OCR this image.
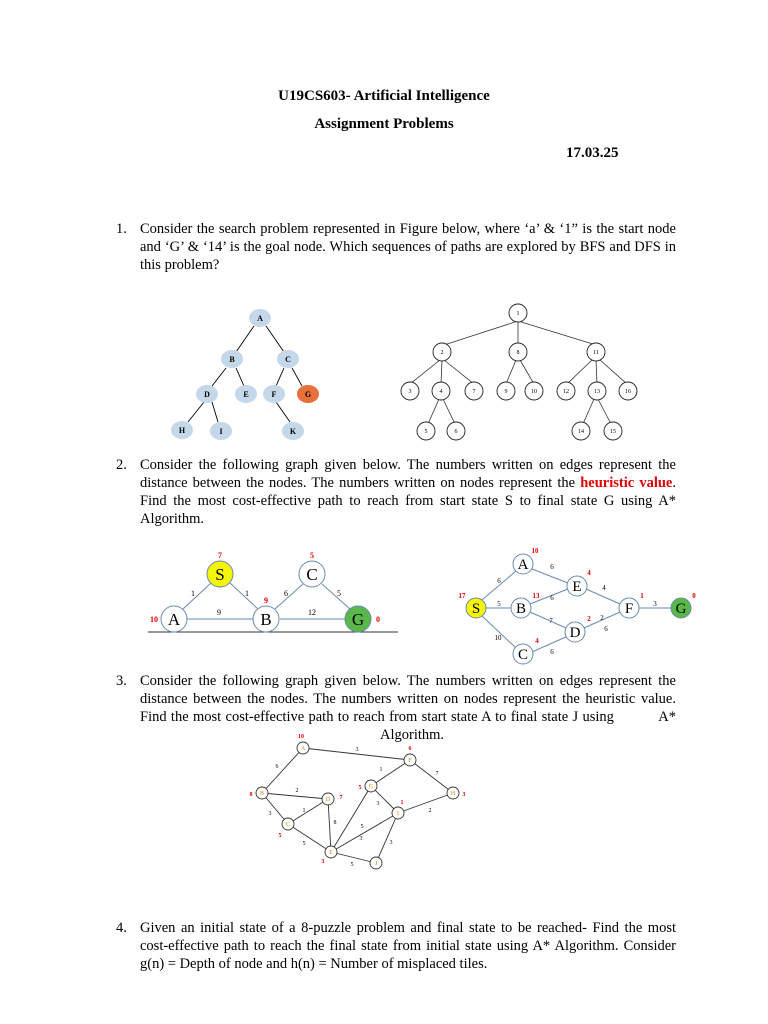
U19CS603- Artificial Intelligence
Assignment Problems
17.03.25
1. Consider the search problem represented in Figure below, where ‘a’ & ‘1” is the start node and ‘G’ & ‘14’ is the goal node. Which sequences of paths are explored by BFS and DFS in this problem?
A
B	C
D	E	F	G
H	I	K
1
2	8	11
3	4	7	9	10	12	13	16
5	6	14	15
2. Consider the following graph given below. The numbers written on edges represent the distance between the nodes. The numbers written on nodes represent the heuristic value. Find the most cost-effective path to reach from start state S to final state G using A* Algorithm.
S	C
A	B	G
7	5
10
9
0
1	1	6	5
9	12
A
E
S B	F	G
D
C
10
4
17	13	1	0
2
4
6
6
4
5
6
7	2
3
6
10
6
3. Consider the following graph given below. The numbers written on edges represent the distance between the nodes. The numbers written on nodes represent the heuristic value. Find the most cost-effective path to reach from start state A to final state J using	A*Algorithm.
A
F
G
H
B
D
I
C
E
J
10
6
5
3
8	7
1
5
3
3
6	1
7
2
3
2
1
3
8
3
5
5
5
3
4. Given an initial state of a 8-puzzle problem and final state to be reached- Find the most cost-effective path to reach the final state from initial state using A* Algorithm. Consider g(n) = Depth of node and h(n) = Number of misplaced tiles.
